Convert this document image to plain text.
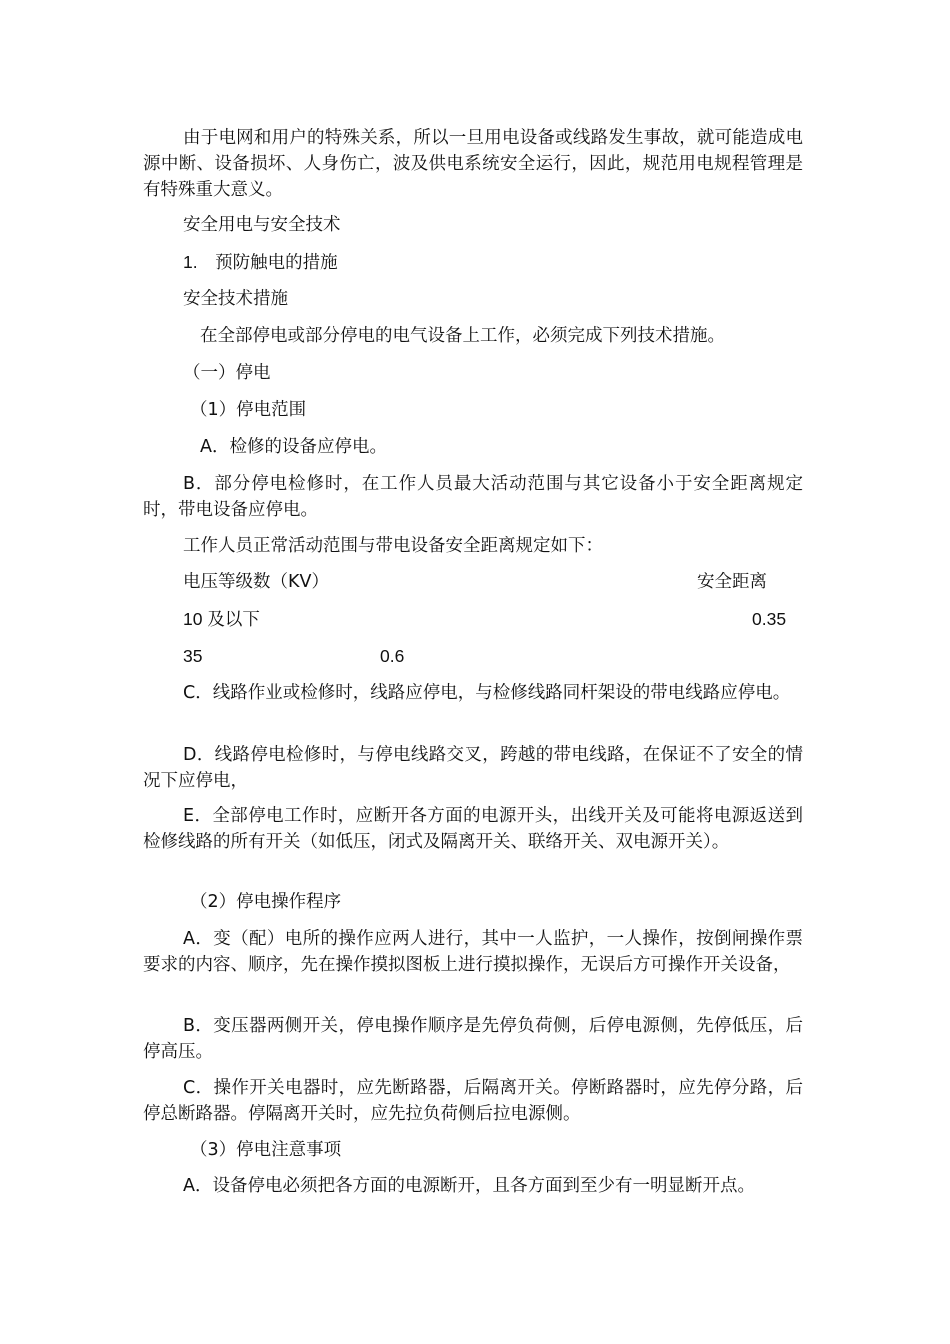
由于电网和用户的特殊关系，所以一旦用电设备或线路发生事故，就可能造成电源中断、设备损坏、人身伤亡，波及供电系统安全运行，因此，规范用电规程管理是有特殊重大意义。

安全用电与安全技术

1.　预防触电的措施

安全技术措施

在全部停电或部分停电的电气设备上工作，必须完成下列技术措施。

（一）停电

（1）停电范围

A．检修的设备应停电。

B．部分停电检修时，在工作人员最大活动范围与其它设备小于安全距离规定时，带电设备应停电。

工作人员正常活动范围与带电设备安全距离规定如下：

电压等级数（KV）	安全距离

10 及以下	0.35

35	0.6

C．线路作业或检修时，线路应停电，与检修线路同杆架设的带电线路应停电。

D．线路停电检修时，与停电线路交叉，跨越的带电线路，在保证不了安全的情况下应停电，

E．全部停电工作时，应断开各方面的电源开头，出线开关及可能将电源返送到检修线路的所有开关（如低压，闭式及隔离开关、联络开关、双电源开关）。

（2）停电操作程序

A．变（配）电所的操作应两人进行，其中一人监护，一人操作，按倒闸操作票要求的内容、顺序，先在操作摸拟图板上进行摸拟操作，无误后方可操作开关设备，

B．变压器两侧开关，停电操作顺序是先停负荷侧，后停电源侧，先停低压，后停高压。

C．操作开关电器时，应先断路器，后隔离开关。停断路器时，应先停分路，后停总断路器。停隔离开关时，应先拉负荷侧后拉电源侧。

（3）停电注意事项

A．设备停电必须把各方面的电源断开，且各方面到至少有一明显断开点。
